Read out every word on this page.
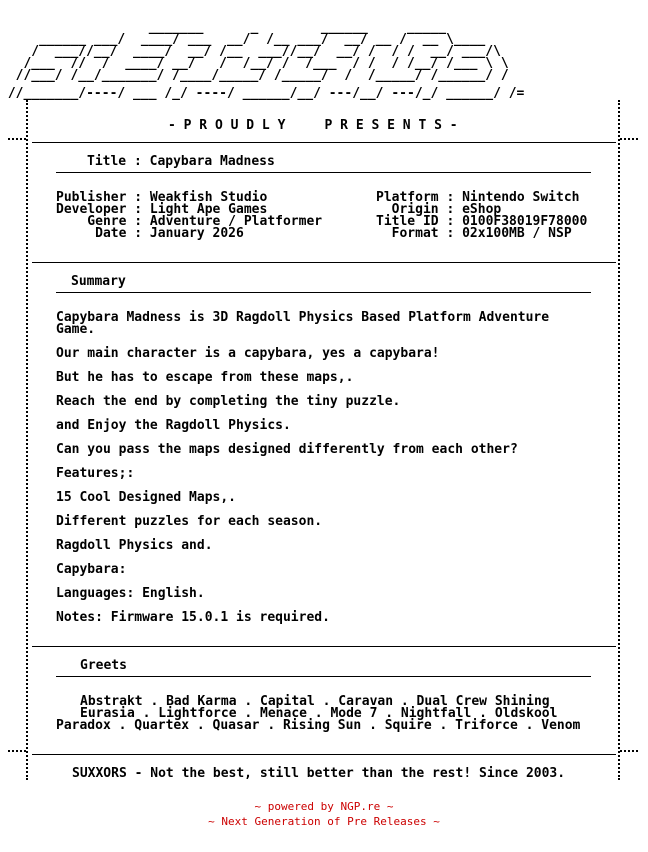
_______      _        ______     _____
______ ___/  ____/ ___  __/  /__ ___/  __/ __ /  __ \____
/  ___//__/  ____/  __/ /__  ___//__/  __/ /  / /  __/ ___/\
/___  //  /  ____/ __/   /  /__/ /  /___  / /  / /__/ /___ \ \
//___/ /__/_______/ /____/_____/ /_____/  /  /_____/ /______/ /
//_______/----/ ___ /_/ ----/ ______/__/ ---/__/ ---/_/ ______/ /=
- P R O U D L Y     P R E S E N T S -
Title : Capybara Madness
Publisher : Weakfish Studio
Developer : Light Ape Games
Genre : Adventure / Platformer
Date : January 2026
Platform : Nintendo Switch
Origin : eShop
Title ID : 0100F38019F78000
Format : 02x100MB / NSP
Summary
Capybara Madness is 3D Ragdoll Physics Based Platform Adventure
Game.
Our main character is a capybara, yes a capybara!
But he has to escape from these maps,.
Reach the end by completing the tiny puzzle.
and Enjoy the Ragdoll Physics.
Can you pass the maps designed differently from each other?
Features;:
15 Cool Designed Maps,.
Different puzzles for each season.
Ragdoll Physics and.
Capybara:
Languages: English.
Notes: Firmware 15.0.1 is required.
Greets
Abstrakt . Bad Karma . Capital . Caravan . Dual Crew Shining
Eurasia . Lightforce . Menace . Mode 7 . Nightfall . Oldskool
Paradox . Quartex . Quasar . Rising Sun . Squire . Triforce . Venom
SUXXORS - Not the best, still better than the rest! Since 2003.
~ powered by NGP.re ~
~ Next Generation of Pre Releases ~
